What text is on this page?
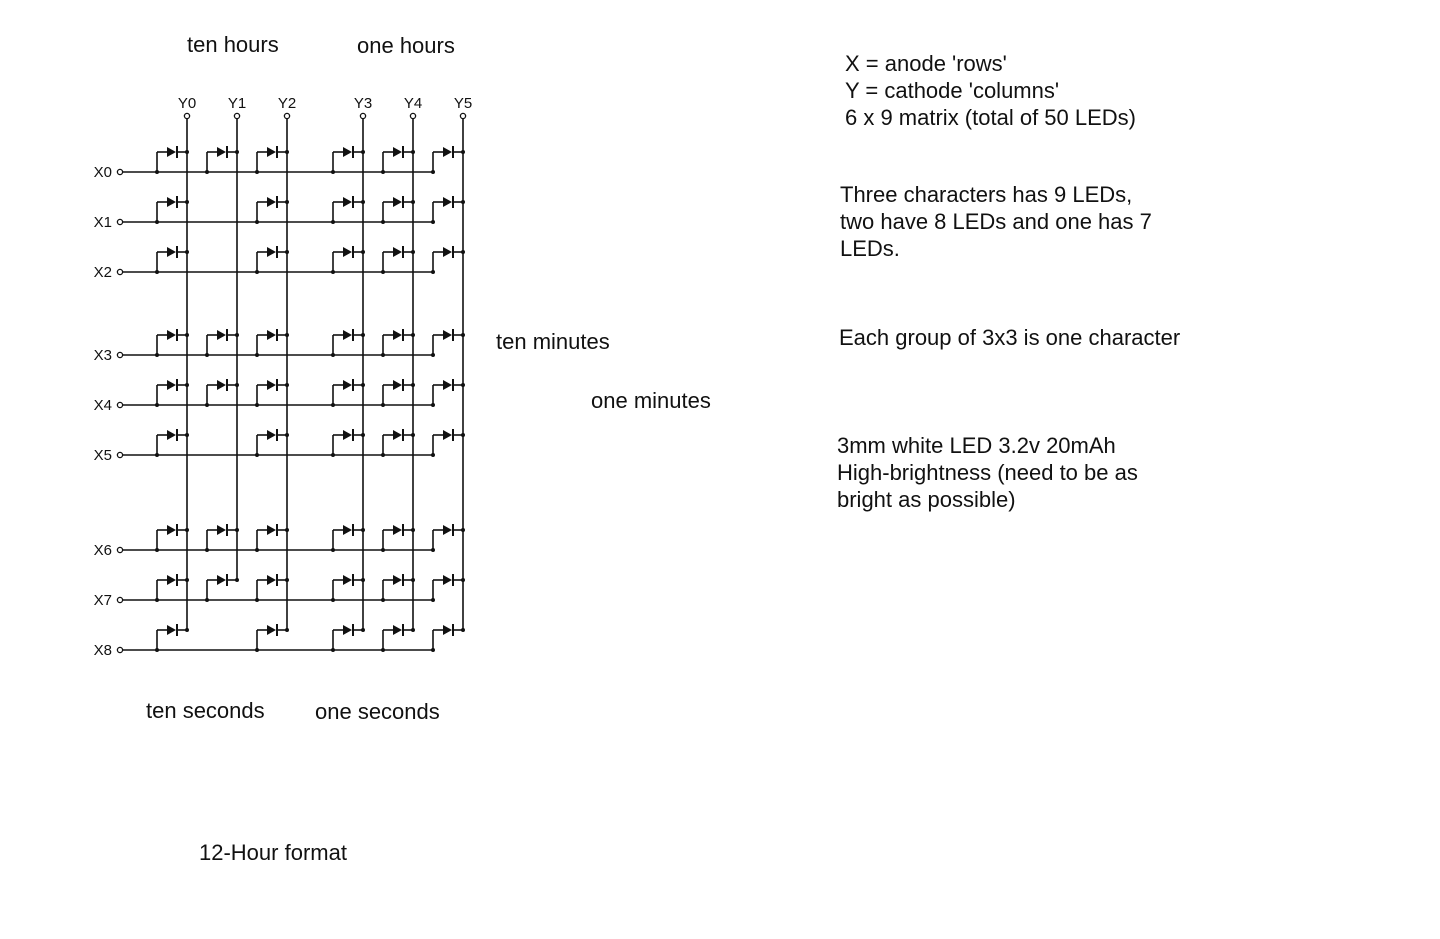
Y0 Y1 Y2	Y3 Y4 Y5
X0
X1
X2
X3
X4
X5
X6
X7
X8
ten hours	one hours
ten minutes
one minutes
ten seconds one seconds
12-Hour format
X = anode 'rows'
Y = cathode 'columns'
6 x 9 matrix (total of 50 LEDs)
Three characters has 9 LEDs,
two have 8 LEDs and one has 7
LEDs.
Each group of 3x3 is one character
3mm white LED 3.2v 20mAh
High-brightness (need to be as
bright as possible)
